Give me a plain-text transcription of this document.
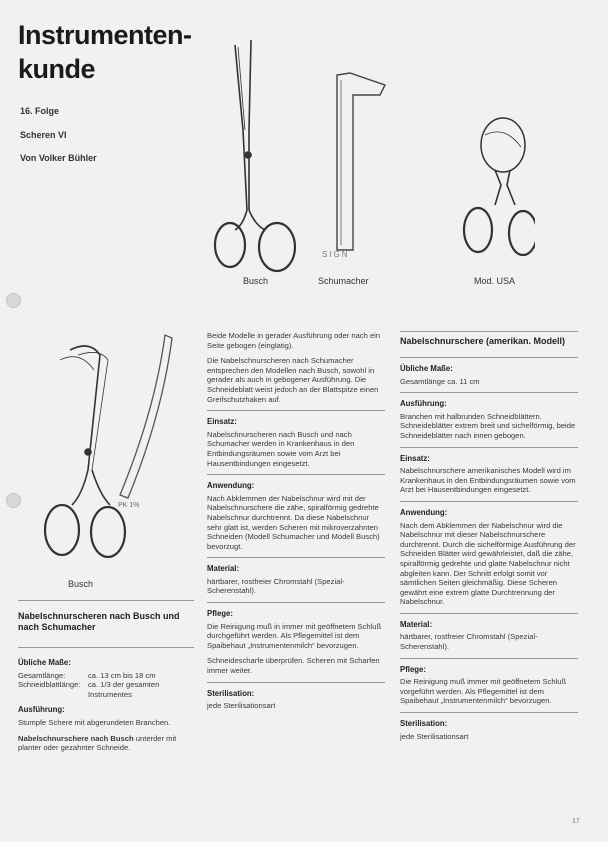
Instrumenten-
kunde
16. Folge
Scheren VI
Von Volker Bühler
SIGN
Busch	Schumacher	Mod. USA
PK 1%
Busch
Nabelschnurscheren nach Busch und nach Schumacher
Übliche Maße:
Gesamtlänge:	ca. 13 cm bis 18 cm
Schneidblattlänge: ca. 1/3 der gesamten Instrumentes
Ausführung:

Stumpfe Schere mit abgerundeten Branchen.

Nabelschnurschere nach Busch unterder mit planter oder gezahnter Schneide.

Beide Modelle in gerader Ausführung oder nach ein Seite gebogen (einglatig).

Die Nabelschnurscheren nach Schumacher entsprechen den Modellen nach Busch, sowohl in gerader als auch in gebogener Ausführung. Die Schneideblatt weist jedoch an der Blattspitze einen Greifschutzhaken auf.

Einsatz:

Nabelschnurscheren nach Busch und nach Schumacher werden in Krankenhaus in den Entbindungsräumen sowie vom Arzt bei Hausentbindungen eingesetzt.

Anwendung:

Nach Abklemmen der Nabelschnur wird mit der Nabelschnurschere die zähe, spiralförmig gedrehte Nabelschnur durchtrennt. Da diese Nabelschnur sehr glatt ist, werden Scheren mit mikroverzahnten Schneiden (Modell Schumacher und Modell Busch) bevorzugt.

Material:

härtbarer, rostfreier Chromstahl (Spezial-Scherenstahl).

Pflege:

Die Reinigung muß in immer mit geöffnetem Schluß durchgeführt werden. Als Pflegemittel ist dem Spaibehaut „Instrumentenmilch“ bevorzugen.

Schneidescharfe überprüfen. Scheren mit Scharfen immer weiter.

Sterilisation:

jede Sterilisationsart

Nabelschnurschere (amerikan. Modell)
Übliche Maße:

Gesamtlänge ca. 11 cm

Ausführung:

Branchen mit halbrunden Schneidblättern. Schneideblätter extrem breit und sichelförmig, beide Schneideblätter nach innen gebogen.

Einsatz:

Nabelschnurschere amerikanisches Modell wird im Krankenhaus in den Entbindungsräumen sowie vom Arzt bei Hausentbindungen eingesetzt.

Anwendung:

Nach dem Abklemmen der Nabelschnur wird die Nabelschnur mit dieser Nabelschnurschere durchtrennt. Durch die sichelförmige Ausführung der Schneiden Blätter wird gewährleistet, daß die zähe, spiralförmig gedrehte und glatte Nabelschnur nicht abgleiten kann. Der Schnitt erfolgt somit vor sämtlichen Seiten gleichmäßig. Diese Scheren gewährt eine extrem glatte Durchtrennung der Nabelschnur.

Material:

härtbarer, rostfreier Chromstahl (Spezial-Scherenstahl).

Pflege:

Die Reinigung muß immer mit geöffnetem Schluß vorgeführt werden. Als Pflegemittel ist dem Spaibehaut „Instrumentenmilch“ bevorzugen.

Sterilisation:

jede Sterilisationsart

17
